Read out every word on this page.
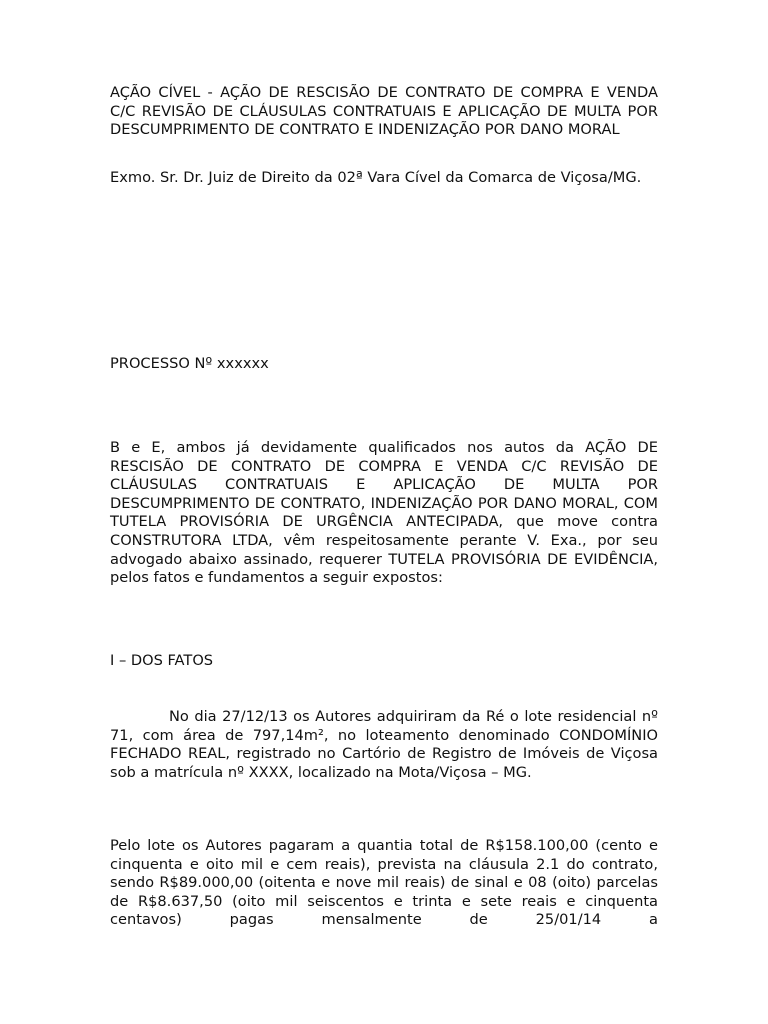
AÇÃO CÍVEL - AÇÃO DE RESCISÃO DE CONTRATO DE COMPRA E VENDA C/C REVISÃO DE CLÁUSULAS CONTRATUAIS E APLICAÇÃO DE MULTA POR DESCUMPRIMENTO DE CONTRATO E INDENIZAÇÃO POR DANO MORAL

Exmo. Sr. Dr. Juiz de Direito da 02ª Vara Cível da Comarca de Viçosa/MG.

PROCESSO Nº xxxxxx

B e E, ambos já devidamente qualificados nos autos da AÇÃO DE RESCISÃO DE CONTRATO DE COMPRA E VENDA C/C REVISÃO DE CLÁUSULAS CONTRATUAIS E APLICAÇÃO DE MULTA POR DESCUMPRIMENTO DE CONTRATO, INDENIZAÇÃO POR DANO MORAL, COM TUTELA PROVISÓRIA DE URGÊNCIA ANTECIPADA, que move contra CONSTRUTORA LTDA, vêm respeitosamente perante V. Exa., por seu advogado abaixo assinado, requerer TUTELA PROVISÓRIA DE EVIDÊNCIA, pelos fatos e fundamentos a seguir expostos:

I – DOS FATOS

No dia 27/12/13 os Autores adquiriram da Ré o lote residencial nº 71, com área de 797,14m², no loteamento denominado CONDOMÍNIO FECHADO REAL, registrado no Cartório de Registro de Imóveis de Viçosa sob a matrícula nº XXXX, localizado na Mota/Viçosa – MG.

Pelo lote os Autores pagaram a quantia total de R$158.100,00 (cento e cinquenta e oito mil e cem reais), prevista na cláusula 2.1 do contrato, sendo R$89.000,00 (oitenta e nove mil reais) de sinal e 08 (oito) parcelas de R$8.637,50 (oito mil seiscentos e trinta e sete reais e cinquenta centavos) pagas mensalmente de 25/01/14 a
